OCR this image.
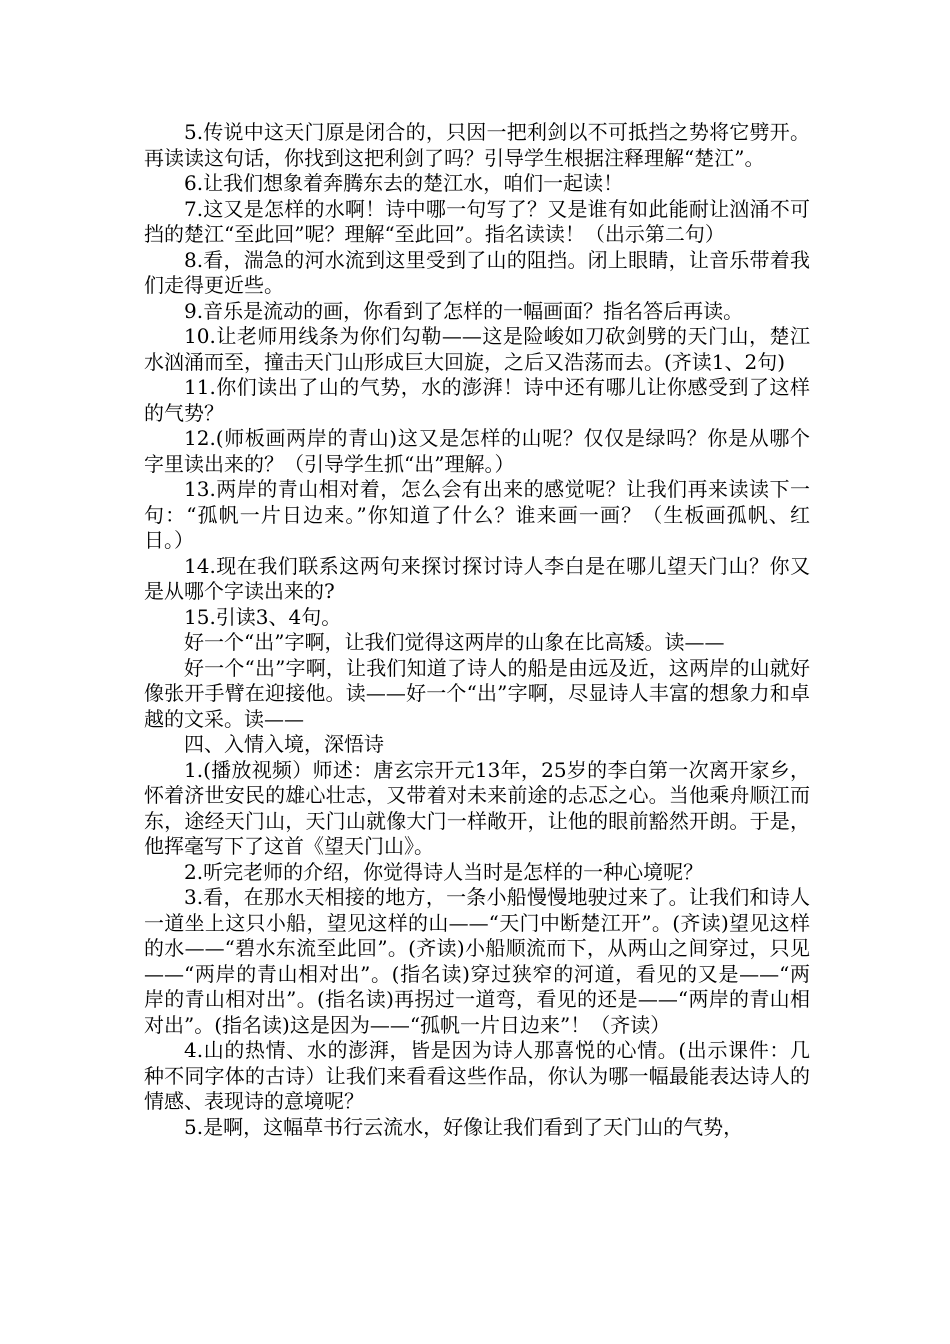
5.传说中这天门原是闭合的，只因一把利剑以不可抵挡之势将它劈开。再读读这句话，你找到这把利剑了吗？引导学生根据注释理解“楚江”。

6.让我们想象着奔腾东去的楚江水，咱们一起读！

7.这又是怎样的水啊！诗中哪一句写了？又是谁有如此能耐让汹涌不可挡的楚江“至此回”呢？理解“至此回”。指名读读！（出示第二句）

8.看，湍急的河水流到这里受到了山的阻挡。闭上眼睛，让音乐带着我们走得更近些。

9.音乐是流动的画，你看到了怎样的一幅画面？指名答后再读。

10.让老师用线条为你们勾勒——这是险峻如刀砍剑劈的天门山，楚江水汹涌而至，撞击天门山形成巨大回旋，之后又浩荡而去。(齐读1、2句)

11.你们读出了山的气势，水的澎湃！诗中还有哪儿让你感受到了这样的气势？

12.(师板画两岸的青山)这又是怎样的山呢？仅仅是绿吗？你是从哪个字里读出来的？（引导学生抓“出”理解。）

13.两岸的青山相对着，怎么会有出来的感觉呢？让我们再来读读下一句：“孤帆一片日边来。”你知道了什么？谁来画一画？（生板画孤帆、红日。）

14.现在我们联系这两句来探讨探讨诗人李白是在哪儿望天门山？你又是从哪个字读出来的?

15.引读3、4句。

好一个“出”字啊，让我们觉得这两岸的山象在比高矮。读——

好一个“出”字啊，让我们知道了诗人的船是由远及近，这两岸的山就好像张开手臂在迎接他。读——好一个“出”字啊，尽显诗人丰富的想象力和卓越的文采。读——

四、入情入境，深悟诗

1.(播放视频）师述：唐玄宗开元13年，25岁的李白第一次离开家乡，怀着济世安民的雄心壮志，又带着对未来前途的忐忑之心。当他乘舟顺江而东，途经天门山，天门山就像大门一样敞开，让他的眼前豁然开朗。于是，他挥毫写下了这首《望天门山》。

2.听完老师的介绍，你觉得诗人当时是怎样的一种心境呢？

3.看，在那水天相接的地方，一条小船慢慢地驶过来了。让我们和诗人一道坐上这只小船，望见这样的山——“天门中断楚江开”。(齐读)望见这样的水——“碧水东流至此回”。(齐读)小船顺流而下，从两山之间穿过，只见——“两岸的青山相对出”。(指名读)穿过狭窄的河道，看见的又是——“两岸的青山相对出”。(指名读)再拐过一道弯，看见的还是——“两岸的青山相对出”。(指名读)这是因为——“孤帆一片日边来”！（齐读）

4.山的热情、水的澎湃，皆是因为诗人那喜悦的心情。(出示课件：几种不同字体的古诗）让我们来看看这些作品，你认为哪一幅最能表达诗人的情感、表现诗的意境呢？

5.是啊，这幅草书行云流水，好像让我们看到了天门山的气势，
